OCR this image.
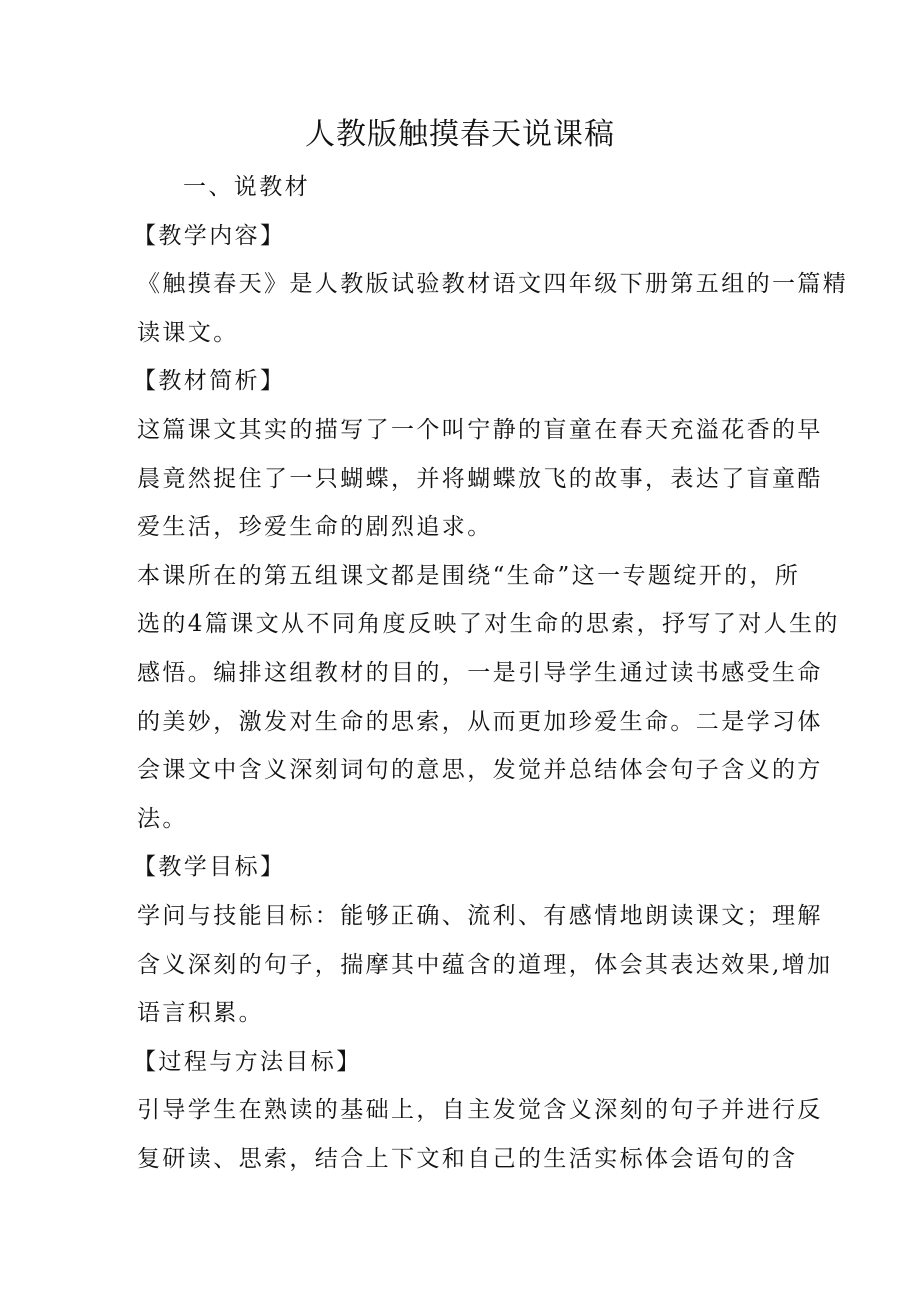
人教版触摸春天说课稿
一、说教材
【教学内容】
《触摸春天》是人教版试验教材语文四年级下册第五组的一篇精
读课文。
【教材简析】
这篇课文其实的描写了一个叫宁静的盲童在春天充溢花香的早
晨竟然捉住了一只蝴蝶，并将蝴蝶放飞的故事，表达了盲童酷
爱生活，珍爱生命的剧烈追求。
本课所在的第五组课文都是围绕“生命”这一专题绽开的，所
选的4篇课文从不同角度反映了对生命的思索，抒写了对人生的
感悟。编排这组教材的目的，一是引导学生通过读书感受生命
的美妙，激发对生命的思索，从而更加珍爱生命。二是学习体
会课文中含义深刻词句的意思，发觉并总结体会句子含义的方
法。
【教学目标】
学问与技能目标：能够正确、流利、有感情地朗读课文；理解
含义深刻的句子，揣摩其中蕴含的道理，体会其表达效果,增加
语言积累。
【过程与方法目标】
引导学生在熟读的基础上，自主发觉含义深刻的句子并进行反
复研读、思索，结合上下文和自己的生活实标体会语句的含
